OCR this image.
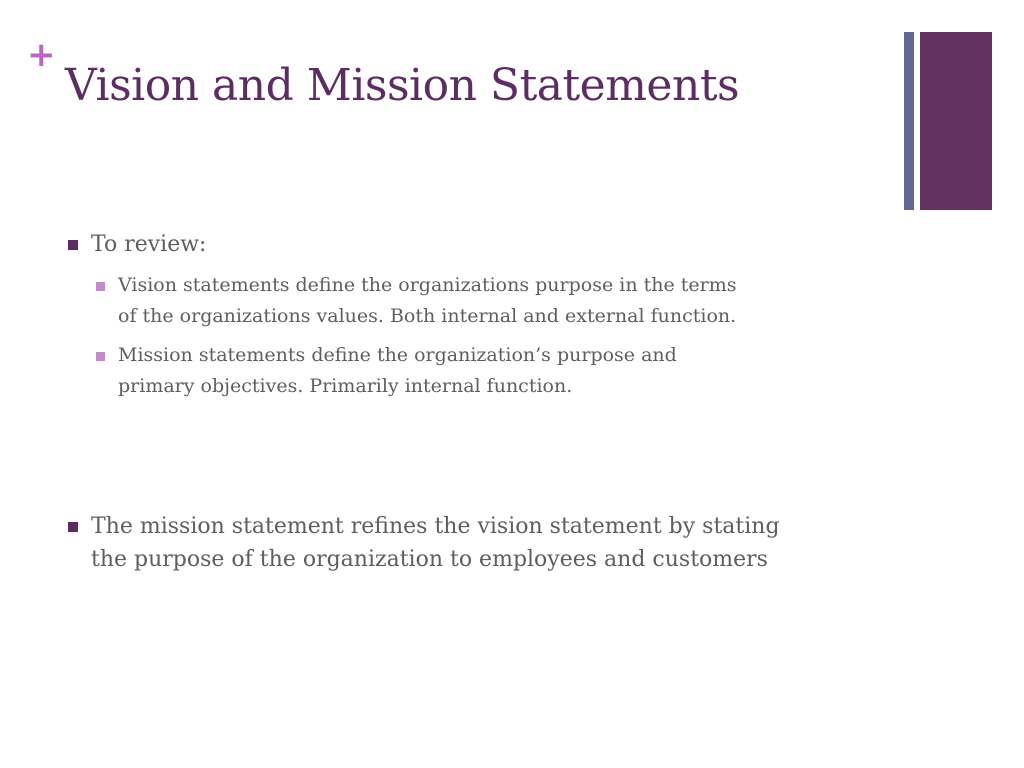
+
Vision and Mission Statements

To review:

Vision statements define the organizations purpose in the terms

of the organizations values. Both internal and external function.

Mission statements define the organization’s purpose and

primary objectives. Primarily internal function.

The mission statement refines the vision statement by stating

the purpose of the organization to employees and customers
